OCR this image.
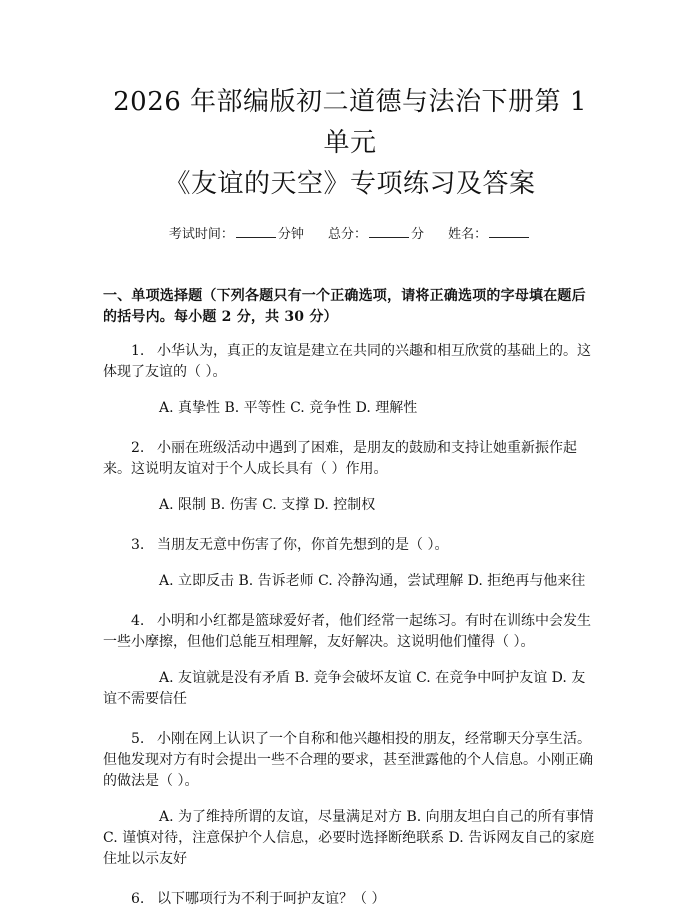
2026 年部编版初二道德与法治下册第 1 单元
《友谊的天空》专项练习及答案
考试时间：	分钟 总分：	分 姓名：
一、单项选择题（下列各题只有一个正确选项，请将正确选项的字母填在题后的括号内。每小题 2 分，共 30 分）
1. 小华认为，真正的友谊是建立在共同的兴趣和相互欣赏的基础上的。这体现了友谊的（ ）。
A. 真挚性 B. 平等性 C. 竞争性 D. 理解性
2. 小丽在班级活动中遇到了困难，是朋友的鼓励和支持让她重新振作起来。这说明友谊对于个人成长具有（ ）作用。
A. 限制 B. 伤害 C. 支撑 D. 控制权
3. 当朋友无意中伤害了你，你首先想到的是（ ）。
A. 立即反击 B. 告诉老师 C. 冷静沟通，尝试理解 D. 拒绝再与他来往
4. 小明和小红都是篮球爱好者，他们经常一起练习。有时在训练中会发生一些小摩擦，但他们总能互相理解，友好解决。这说明他们懂得（ ）。
A. 友谊就是没有矛盾 B. 竞争会破坏友谊 C. 在竞争中呵护友谊 D. 友谊不需要信任
5. 小刚在网上认识了一个自称和他兴趣相投的朋友，经常聊天分享生活。但他发现对方有时会提出一些不合理的要求，甚至泄露他的个人信息。小刚正确的做法是（ ）。
A. 为了维持所谓的友谊，尽量满足对方 B. 向朋友坦白自己的所有事情 C. 谨慎对待，注意保护个人信息，必要时选择断绝联系 D. 告诉网友自己的家庭住址以示友好
6. 以下哪项行为不利于呵护友谊？（ ）
